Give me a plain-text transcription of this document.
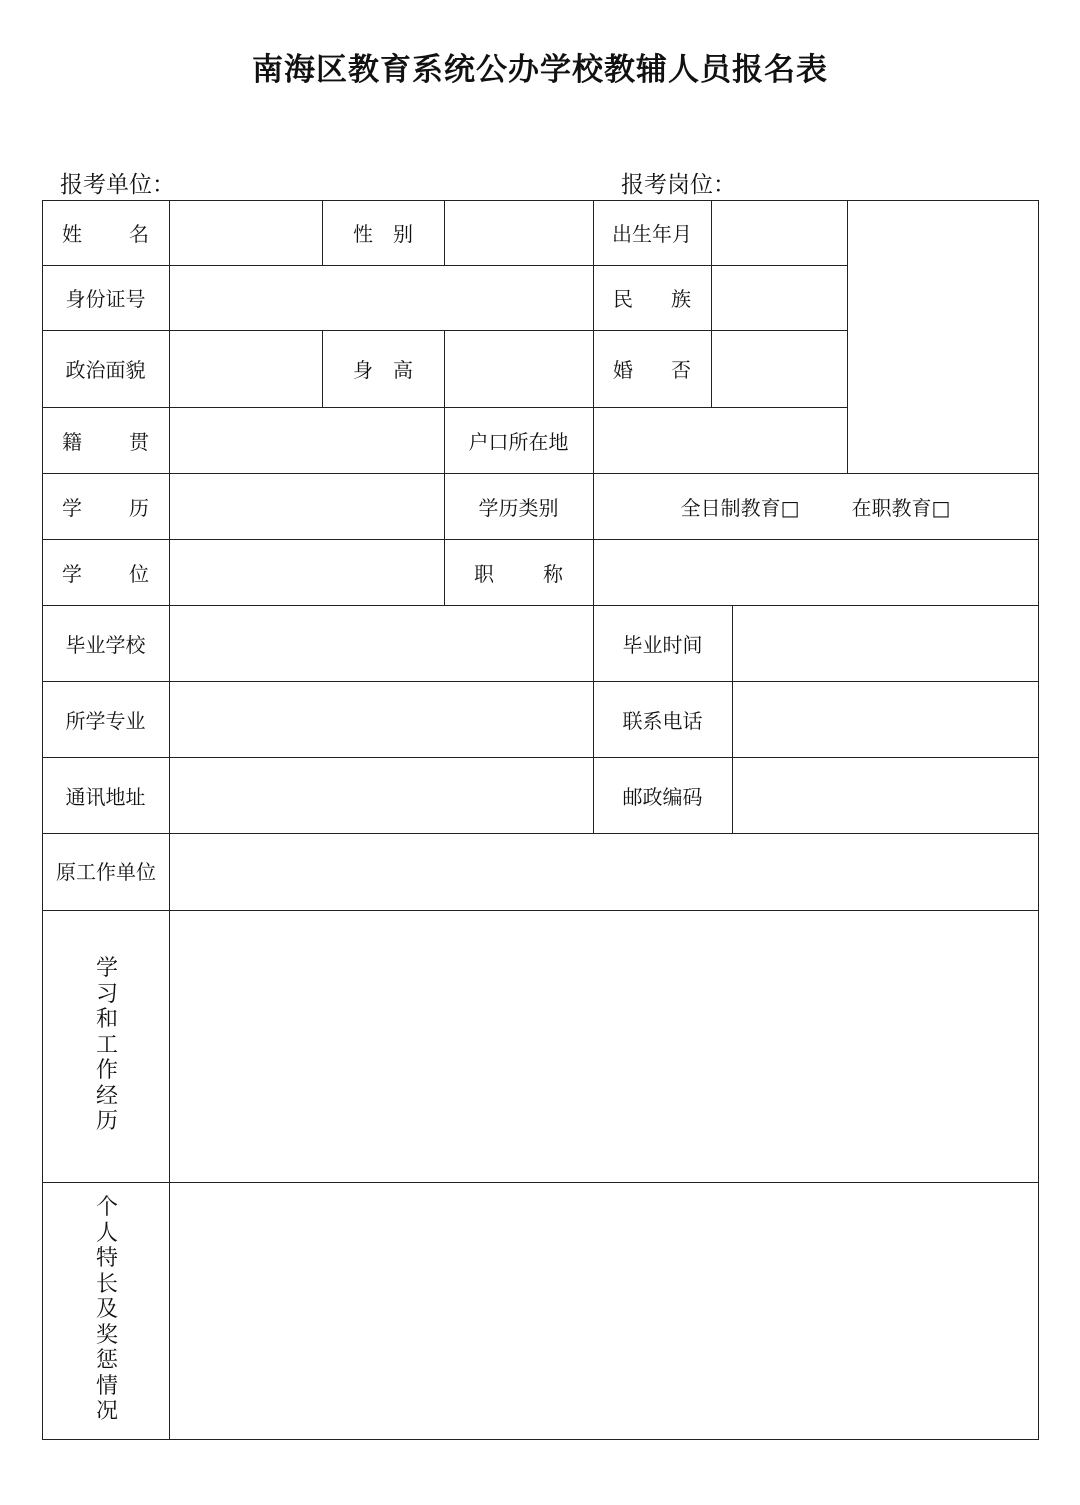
南海区教育系统公办学校教辅人员报名表
报考单位：	报考岗位：
姓 名	性 别	出生年月
身份证号	民 族
政治面貌	身 高	婚 否
籍 贯	户口所在地
学 历	学历类别	全日制教育□	在职教育□
学 位	职 称
毕业学校	毕业时间
所学专业	联系电话
通讯地址	邮政编码
原工作单位
学习和工作经历
个人特长及奖惩情况
